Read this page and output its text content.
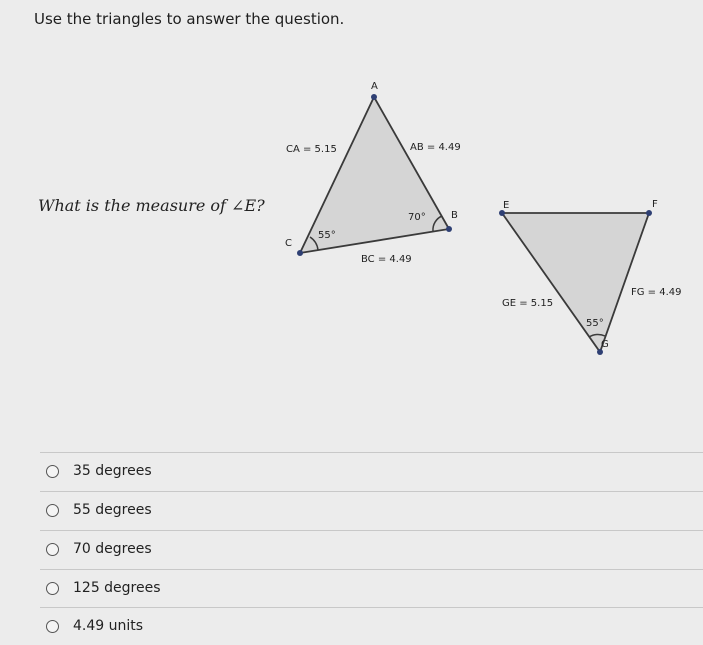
Use the triangles to answer the question.
What is the measure of ∠E?
A
B
C
CA = 5.15	AB = 4.49
BC = 4.49
70°
55°
E	F
G
GE = 5.15
FG = 4.49
55°
35 degrees
55 degrees
70 degrees
125 degrees
4.49 units
